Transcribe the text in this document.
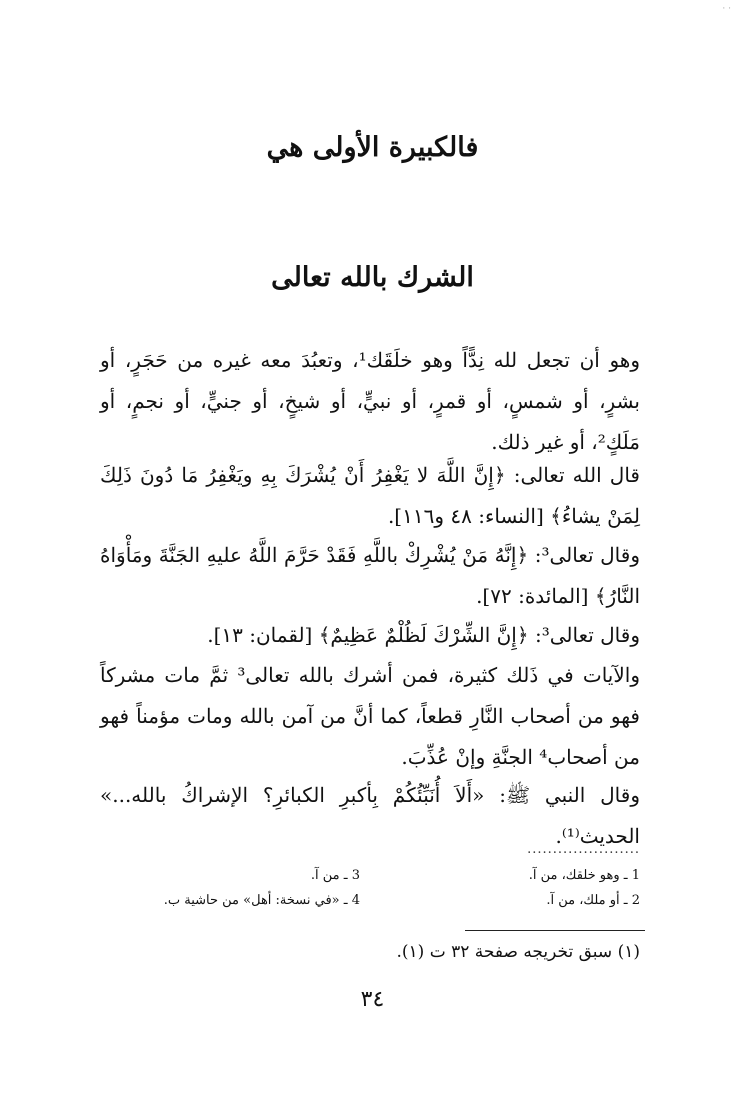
· ·
فالكبيرة الأولى هي
الشرك بالله تعالى
وهو أن تجعل لله نِدًّاً وهو خلَقَك¹، وتعبُدَ معه غيره من حَجَرٍ، أو بشرٍ، أو شمسٍ، أو قمرٍ، أو نبيٍّ، أو شيخٍ، أو جنيٍّ، أو نجمٍ، أو مَلَكٍ²، أو غير ذلك.
قال الله تعالى: ﴿إِنَّ اللَّهَ لا يَغْفِرُ أَنْ يُشْرَكَ بِهِ ويَغْفِرُ مَا دُونَ ذَلِكَ لِمَنْ يشاءُ﴾ [النساء: ٤٨ و١١٦].
وقال تعالى³: ﴿إِنَّهُ مَنْ يُشْرِكْ باللَّهِ فَقَدْ حَرَّمَ اللَّهُ عليهِ الجَنَّةَ ومَأْوَاهُ النَّارُ﴾ [المائدة: ٧٢].
وقال تعالى³: ﴿إِنَّ الشِّرْكَ لَظُلْمٌ عَظِيمٌ﴾ [لقمان: ١٣].
والآيات في ذَلك كثيرة، فمن أشرك بالله تعالى³ ثمَّ مات مشركاً فهو من أصحاب النَّارِ قطعاً، كما أنَّ من آمن بالله ومات مؤمناً فهو من أصحاب⁴ الجنَّةِ وإنْ عُذِّبَ.
وقال النبي ﷺ: «أَلاَ أُنَبِّئُكُمْ بِأكبرِ الكبائرِ؟ الإشراكُ بالله...» الحديث⁽¹⁾.
......................
1 ـ وهو خلقك، من آ.
2 ـ أو ملك، من آ.
3 ـ من آ.
4 ـ «في نسخة: أهل» من حاشية ب.
(١) سبق تخريجه صفحة ٣٢ ت (١).
٣٤
